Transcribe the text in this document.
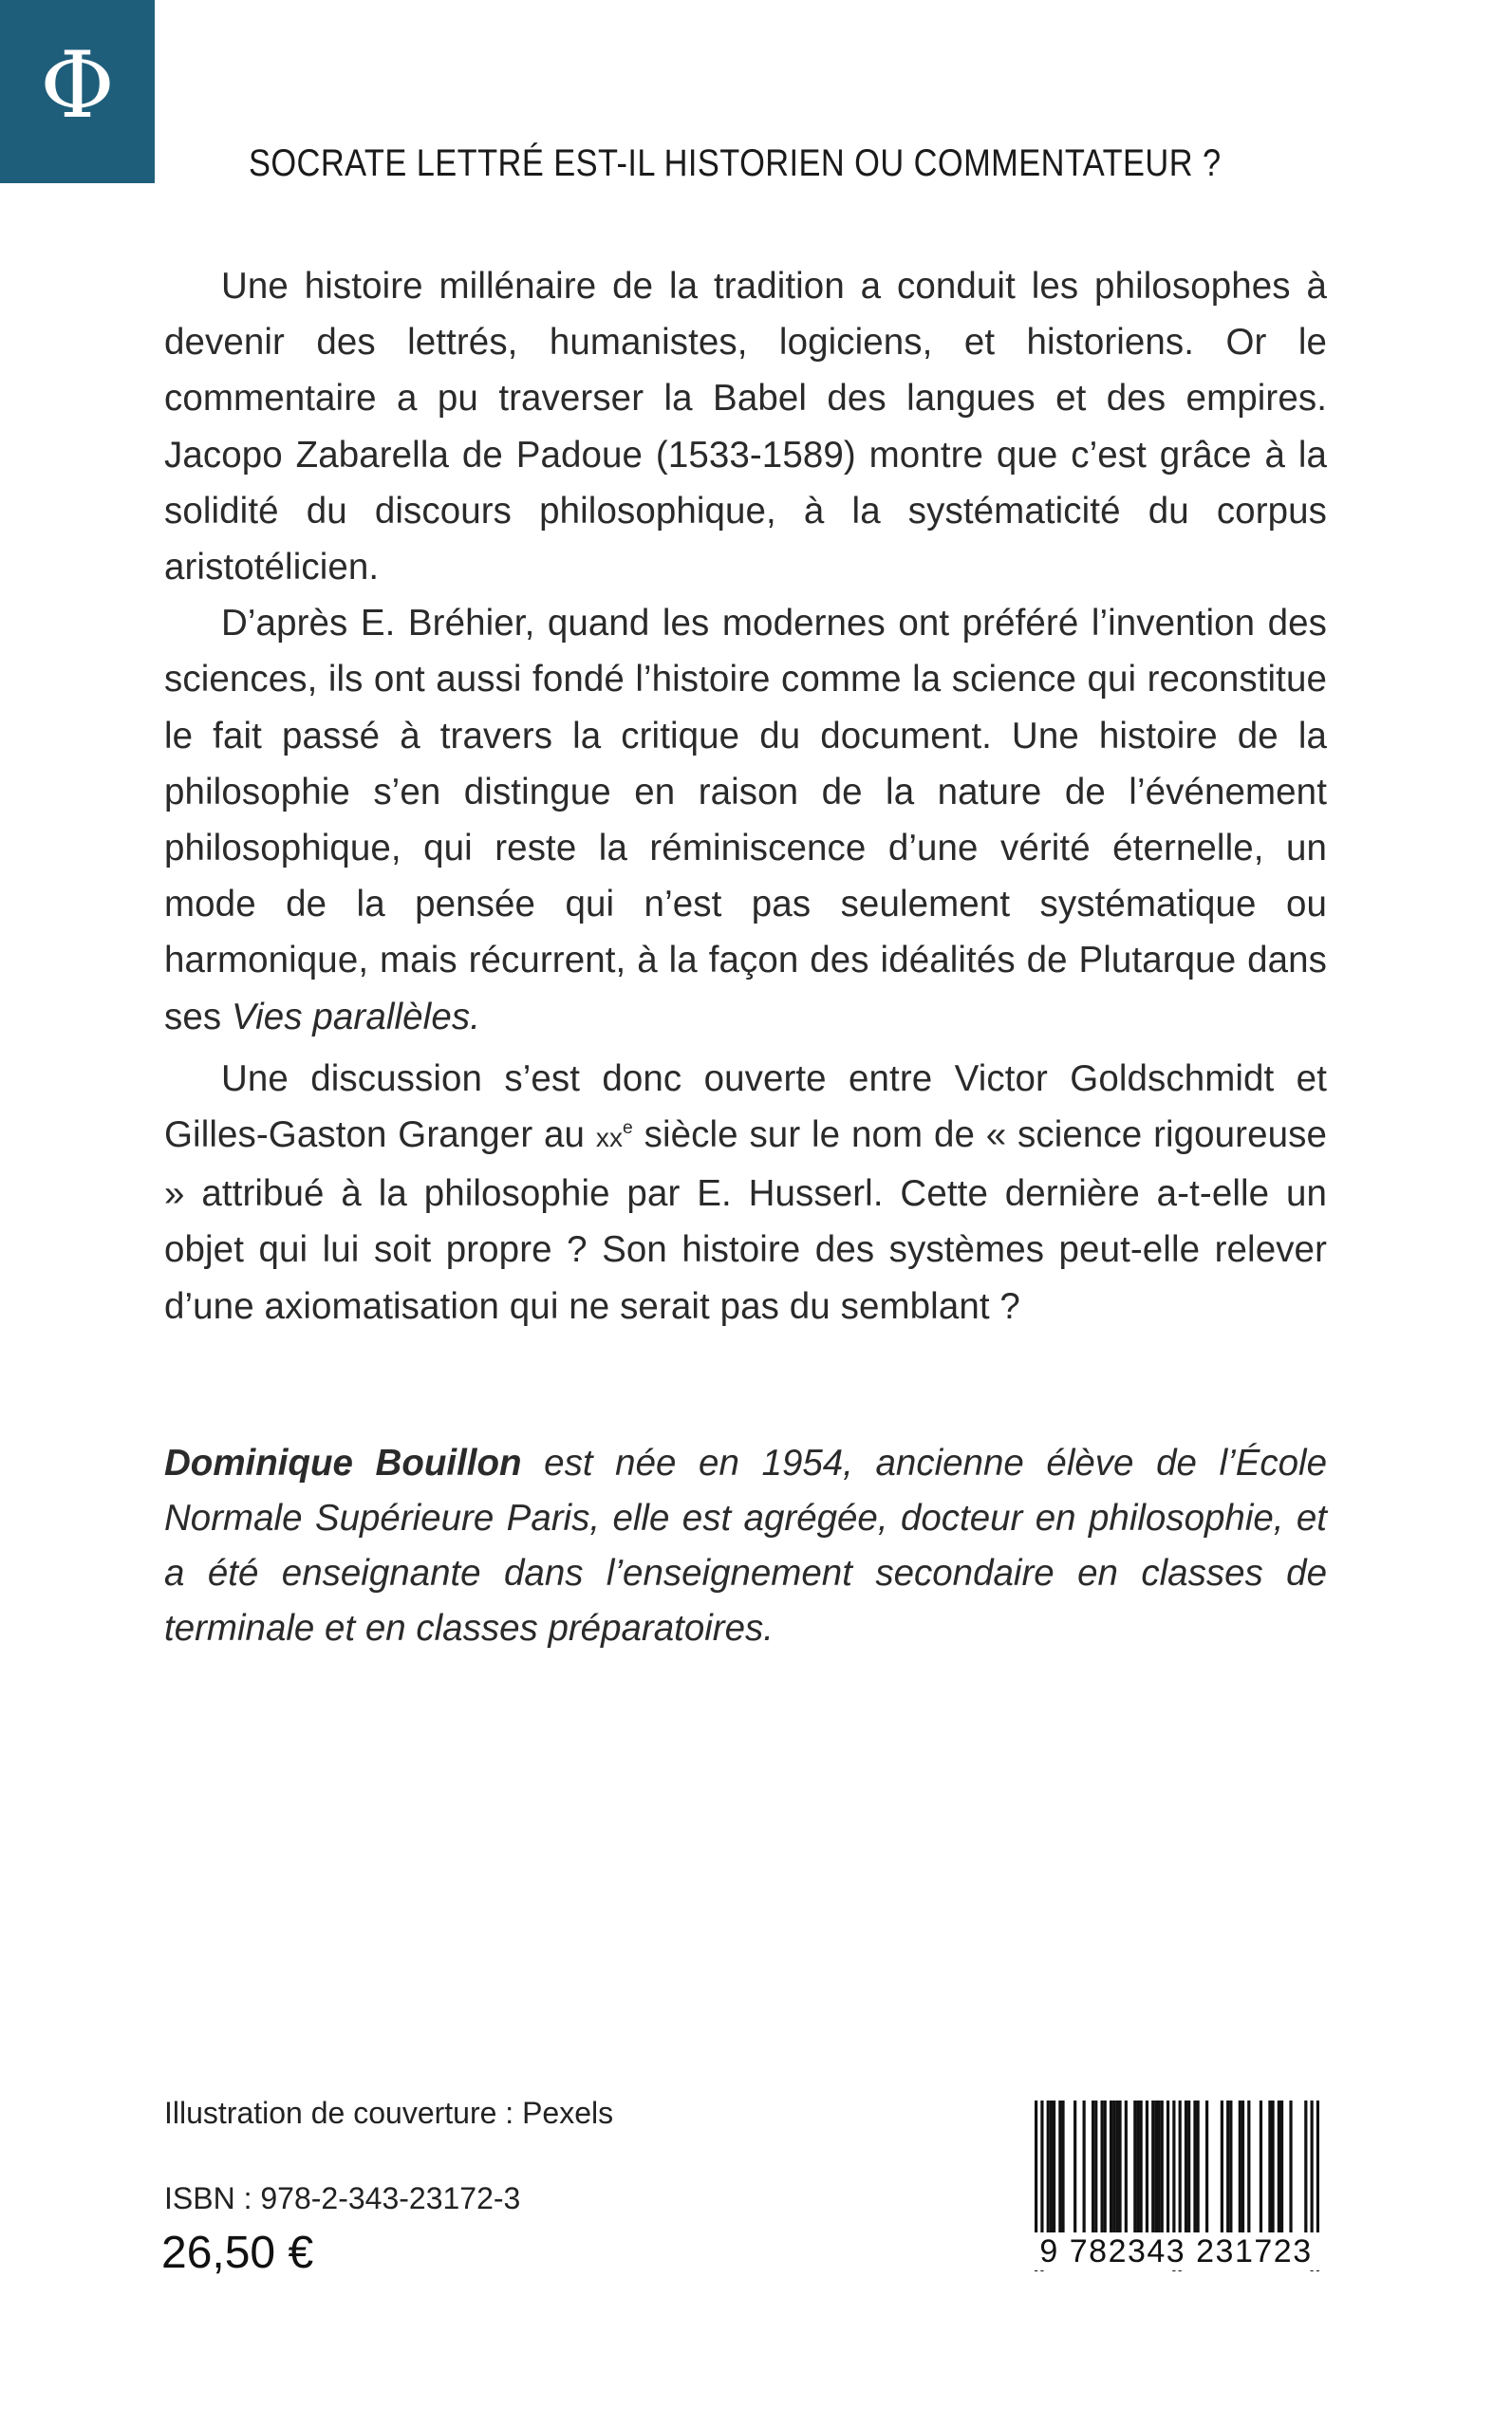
Φ
SOCRATE LETTRÉ EST-IL HISTORIEN OU COMMENTATEUR ?

Une histoire millénaire de la tradition a conduit les philosophes à devenir des lettrés, humanistes, logiciens, et historiens. Or le commentaire a pu traverser la Babel des langues et des empires. Jacopo Zabarella de Padoue (1533-1589) montre que c’est grâce à la solidité du discours philosophique, à la systématicité du corpus aristotélicien.

D’après E. Bréhier, quand les modernes ont préféré l’invention des sciences, ils ont aussi fondé l’histoire comme la science qui reconstitue le fait passé à travers la critique du document. Une histoire de la philosophie s’en distingue en raison de la nature de l’événement philosophique, qui reste la réminiscence d’une vérité éternelle, un mode de la pensée qui n’est pas seulement systématique ou harmonique, mais récurrent, à la façon des idéalités de Plutarque dans ses Vies parallèles.

Une discussion s’est donc ouverte entre Victor Goldschmidt et Gilles-Gaston Granger au $xx^e$ siècle sur le nom de « science rigoureuse » attribué à la philosophie par E. Husserl. Cette dernière a-t-elle un objet qui lui soit propre ? Son histoire des systèmes peut-elle relever d’une axiomatisation qui ne serait pas du semblant ?

Dominique Bouillon est née en 1954, ancienne élève de l’École Normale Supérieure Paris, elle est agrégée, docteur en philosophie, et a été enseignante dans l’enseignement secondaire en classes de terminale et en classes préparatoires.

Illustration de couverture : Pexels

ISBN : 978-2-343-23172-3

26,50 €	9 782343 231723
